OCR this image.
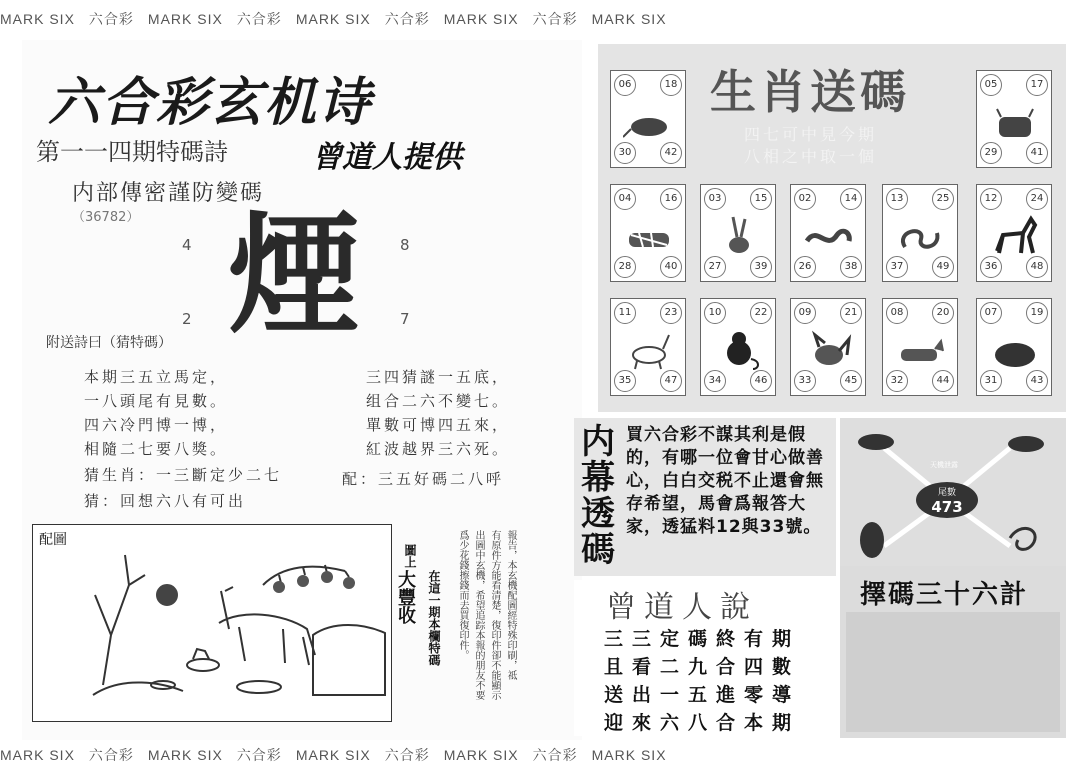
MARK SIX 六合彩 MARK SIX 六合彩 MARK SIX 六合彩 MARK SIX 六合彩 MARK SIX
六合彩玄机诗
第一一四期特碼詩	曾道人提供
内部傳密謹防變碼
（36782） 煙
4	8
2	7
附送詩曰（猜特碼）
本期三五立馬定，
一八頭尾有見數。
四六冷門博一博，
相隨二七要八獎。
猜生肖：一三斷定少二七
猜：回想六八有可出
三四猜謎一五底，
组合二六不變七。
單數可博四五來，
紅波越界三六死。
配：三五好碼二八呼
配圖
圖上
大豐收 在這一期本欄特碼 爲少花錢擦錢而去買復印件。 出圖中玄機，希望追踪本報的朋友不要 有原件方能看清楚，復印件卻不能顯示 報告，本玄機配圖經特殊印刷，祗
生肖送碼
四七可中見今期
八相之中取一個
06	18
30	42
05	17
29	41
04	16
28	40
03	15
27	39
02	14
26	38
13	25
37	49
12	24
36	48
11	23
35	47
10	22
34	46
09	21
33	45
08	20
32	44
07	19
31	43
内幕透碼
買六合彩不謀其利是假的，有哪一位會甘心做善心，白白交税不止還會無存希望，馬會爲報答大家，透猛料12與33號。
曾道人說
三三定碼終有期
且看二九合四數
送出一五進零導
迎來六八合本期
天機泄露
尾數
473
擇碼三十六計
MARK SIX 六合彩 MARK SIX 六合彩 MARK SIX 六合彩 MARK SIX 六合彩 MARK SIX
